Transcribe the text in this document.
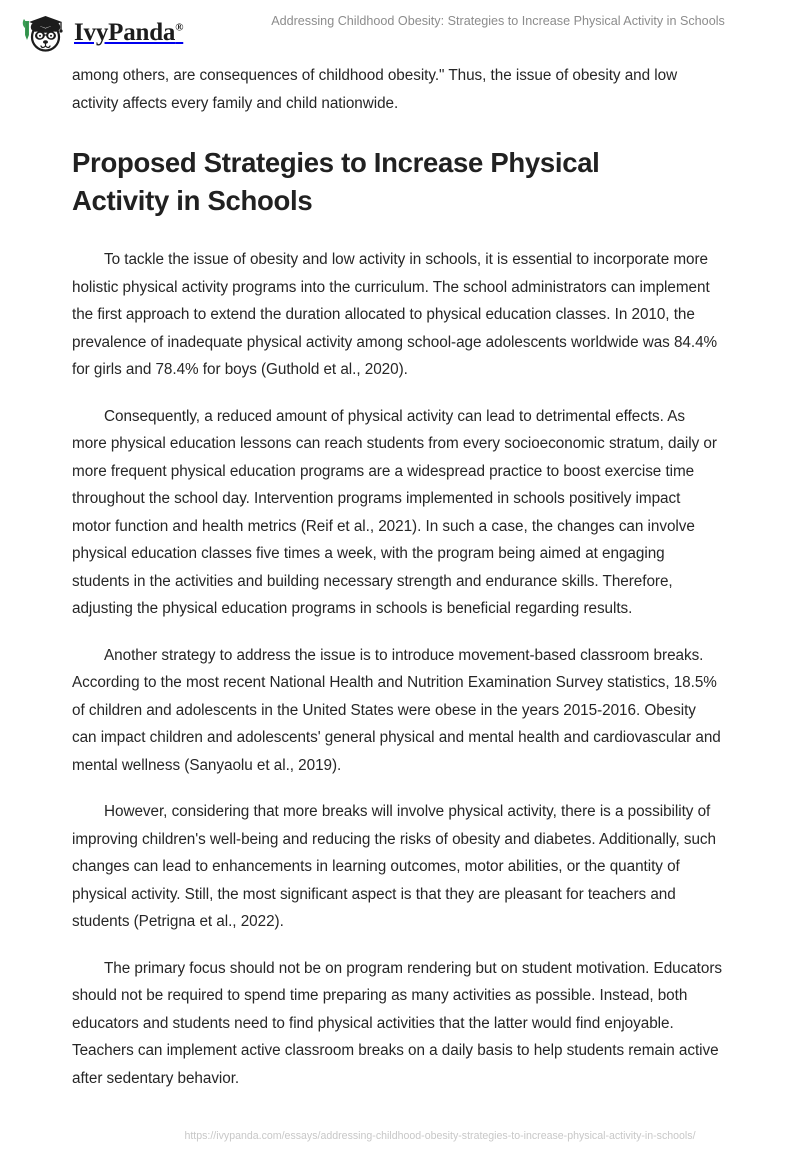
IvyPanda®	Addressing Childhood Obesity: Strategies to Increase Physical Activity in Schools

among others, are consequences of childhood obesity." Thus, the issue of obesity and low activity affects every family and child nationwide.

Proposed Strategies to Increase Physical Activity in Schools

To tackle the issue of obesity and low activity in schools, it is essential to incorporate more holistic physical activity programs into the curriculum. The school administrators can implement the first approach to extend the duration allocated to physical education classes. In 2010, the prevalence of inadequate physical activity among school-age adolescents worldwide was 84.4% for girls and 78.4% for boys (Guthold et al., 2020).

Consequently, a reduced amount of physical activity can lead to detrimental effects. As more physical education lessons can reach students from every socioeconomic stratum, daily or more frequent physical education programs are a widespread practice to boost exercise time throughout the school day. Intervention programs implemented in schools positively impact motor function and health metrics (Reif et al., 2021). In such a case, the changes can involve physical education classes five times a week, with the program being aimed at engaging students in the activities and building necessary strength and endurance skills. Therefore, adjusting the physical education programs in schools is beneficial regarding results.

Another strategy to address the issue is to introduce movement-based classroom breaks. According to the most recent National Health and Nutrition Examination Survey statistics, 18.5% of children and adolescents in the United States were obese in the years 2015-2016. Obesity can impact children and adolescents' general physical and mental health and cardiovascular and mental wellness (Sanyaolu et al., 2019).

However, considering that more breaks will involve physical activity, there is a possibility of improving children's well-being and reducing the risks of obesity and diabetes. Additionally, such changes can lead to enhancements in learning outcomes, motor abilities, or the quantity of physical activity. Still, the most significant aspect is that they are pleasant for teachers and students (Petrigna et al., 2022).

The primary focus should not be on program rendering but on student motivation. Educators should not be required to spend time preparing as many activities as possible. Instead, both educators and students need to find physical activities that the latter would find enjoyable. Teachers can implement active classroom breaks on a daily basis to help students remain active after sedentary behavior.

https://ivypanda.com/essays/addressing-childhood-obesity-strategies-to-increase-physical-activity-in-schools/
